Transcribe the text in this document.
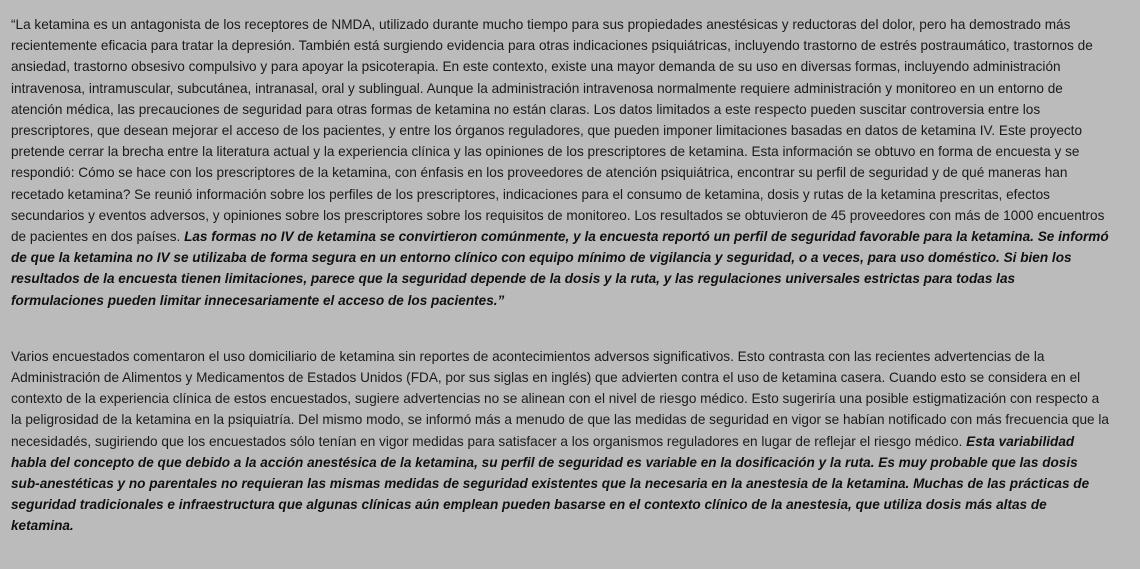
“La ketamina es un antagonista de los receptores de NMDA, utilizado durante mucho tiempo para sus propiedades anestésicas y reductoras del dolor, pero ha demostrado más recientemente eficacia para tratar la depresión. También está surgiendo evidencia para otras indicaciones psiquiátricas, incluyendo trastorno de estrés postraumático, trastornos de ansiedad, trastorno obsesivo compulsivo y para apoyar la psicoterapia. En este contexto, existe una mayor demanda de su uso en diversas formas, incluyendo administración intravenosa, intramuscular, subcutánea, intranasal, oral y sublingual. Aunque la administración intravenosa normalmente requiere administración y monitoreo en un entorno de atención médica, las precauciones de seguridad para otras formas de ketamina no están claras. Los datos limitados a este respecto pueden suscitar controversia entre los prescriptores, que desean mejorar el acceso de los pacientes, y entre los órganos reguladores, que pueden imponer limitaciones basadas en datos de ketamina IV. Este proyecto pretende cerrar la brecha entre la literatura actual y la experiencia clínica y las opiniones de los prescriptores de ketamina. Esta información se obtuvo en forma de encuesta y se respondió: Cómo se hace con los prescriptores de la ketamina, con énfasis en los proveedores de atención psiquiátrica, encontrar su perfil de seguridad y de qué maneras han recetado ketamina? Se reunió información sobre los perfiles de los prescriptores, indicaciones para el consumo de ketamina, dosis y rutas de la ketamina prescritas, efectos secundarios y eventos adversos, y opiniones sobre los prescriptores sobre los requisitos de monitoreo. Los resultados se obtuvieron de 45 proveedores con más de 1000 encuentros de pacientes en dos países. Las formas no IV de ketamina se convirtieron comúnmente, y la encuesta reportó un perfil de seguridad favorable para la ketamina. Se informó de que la ketamina no IV se utilizaba de forma segura en un entorno clínico con equipo mínimo de vigilancia y seguridad, o a veces, para uso doméstico. Si bien los resultados de la encuesta tienen limitaciones, parece que la seguridad depende de la dosis y la ruta, y las regulaciones universales estrictas para todas las formulaciones pueden limitar innecesariamente el acceso de los pacientes.”

Varios encuestados comentaron el uso domiciliario de ketamina sin reportes de acontecimientos adversos significativos. Esto contrasta con las recientes advertencias de la Administración de Alimentos y Medicamentos de Estados Unidos (FDA, por sus siglas en inglés) que advierten contra el uso de ketamina casera. Cuando esto se considera en el contexto de la experiencia clínica de estos encuestados, sugiere advertencias no se alinean con el nivel de riesgo médico. Esto sugeriría una posible estigmatización con respecto a la peligrosidad de la ketamina en la psiquiatría. Del mismo modo, se informó más a menudo de que las medidas de seguridad en vigor se habían notificado con más frecuencia que la necesidadés, sugiriendo que los encuestados sólo tenían en vigor medidas para satisfacer a los organismos reguladores en lugar de reflejar el riesgo médico. Esta variabilidad habla del concepto de que debido a la acción anestésica de la ketamina, su perfil de seguridad es variable en la dosificación y la ruta. Es muy probable que las dosis sub-anestéticas y no parentales no requieran las mismas medidas de seguridad existentes que la necesaria en la anestesia de la ketamina. Muchas de las prácticas de seguridad tradicionales e infraestructura que algunas clínicas aún emplean pueden basarse en el contexto clínico de la anestesia, que utiliza dosis más altas de ketamina.
